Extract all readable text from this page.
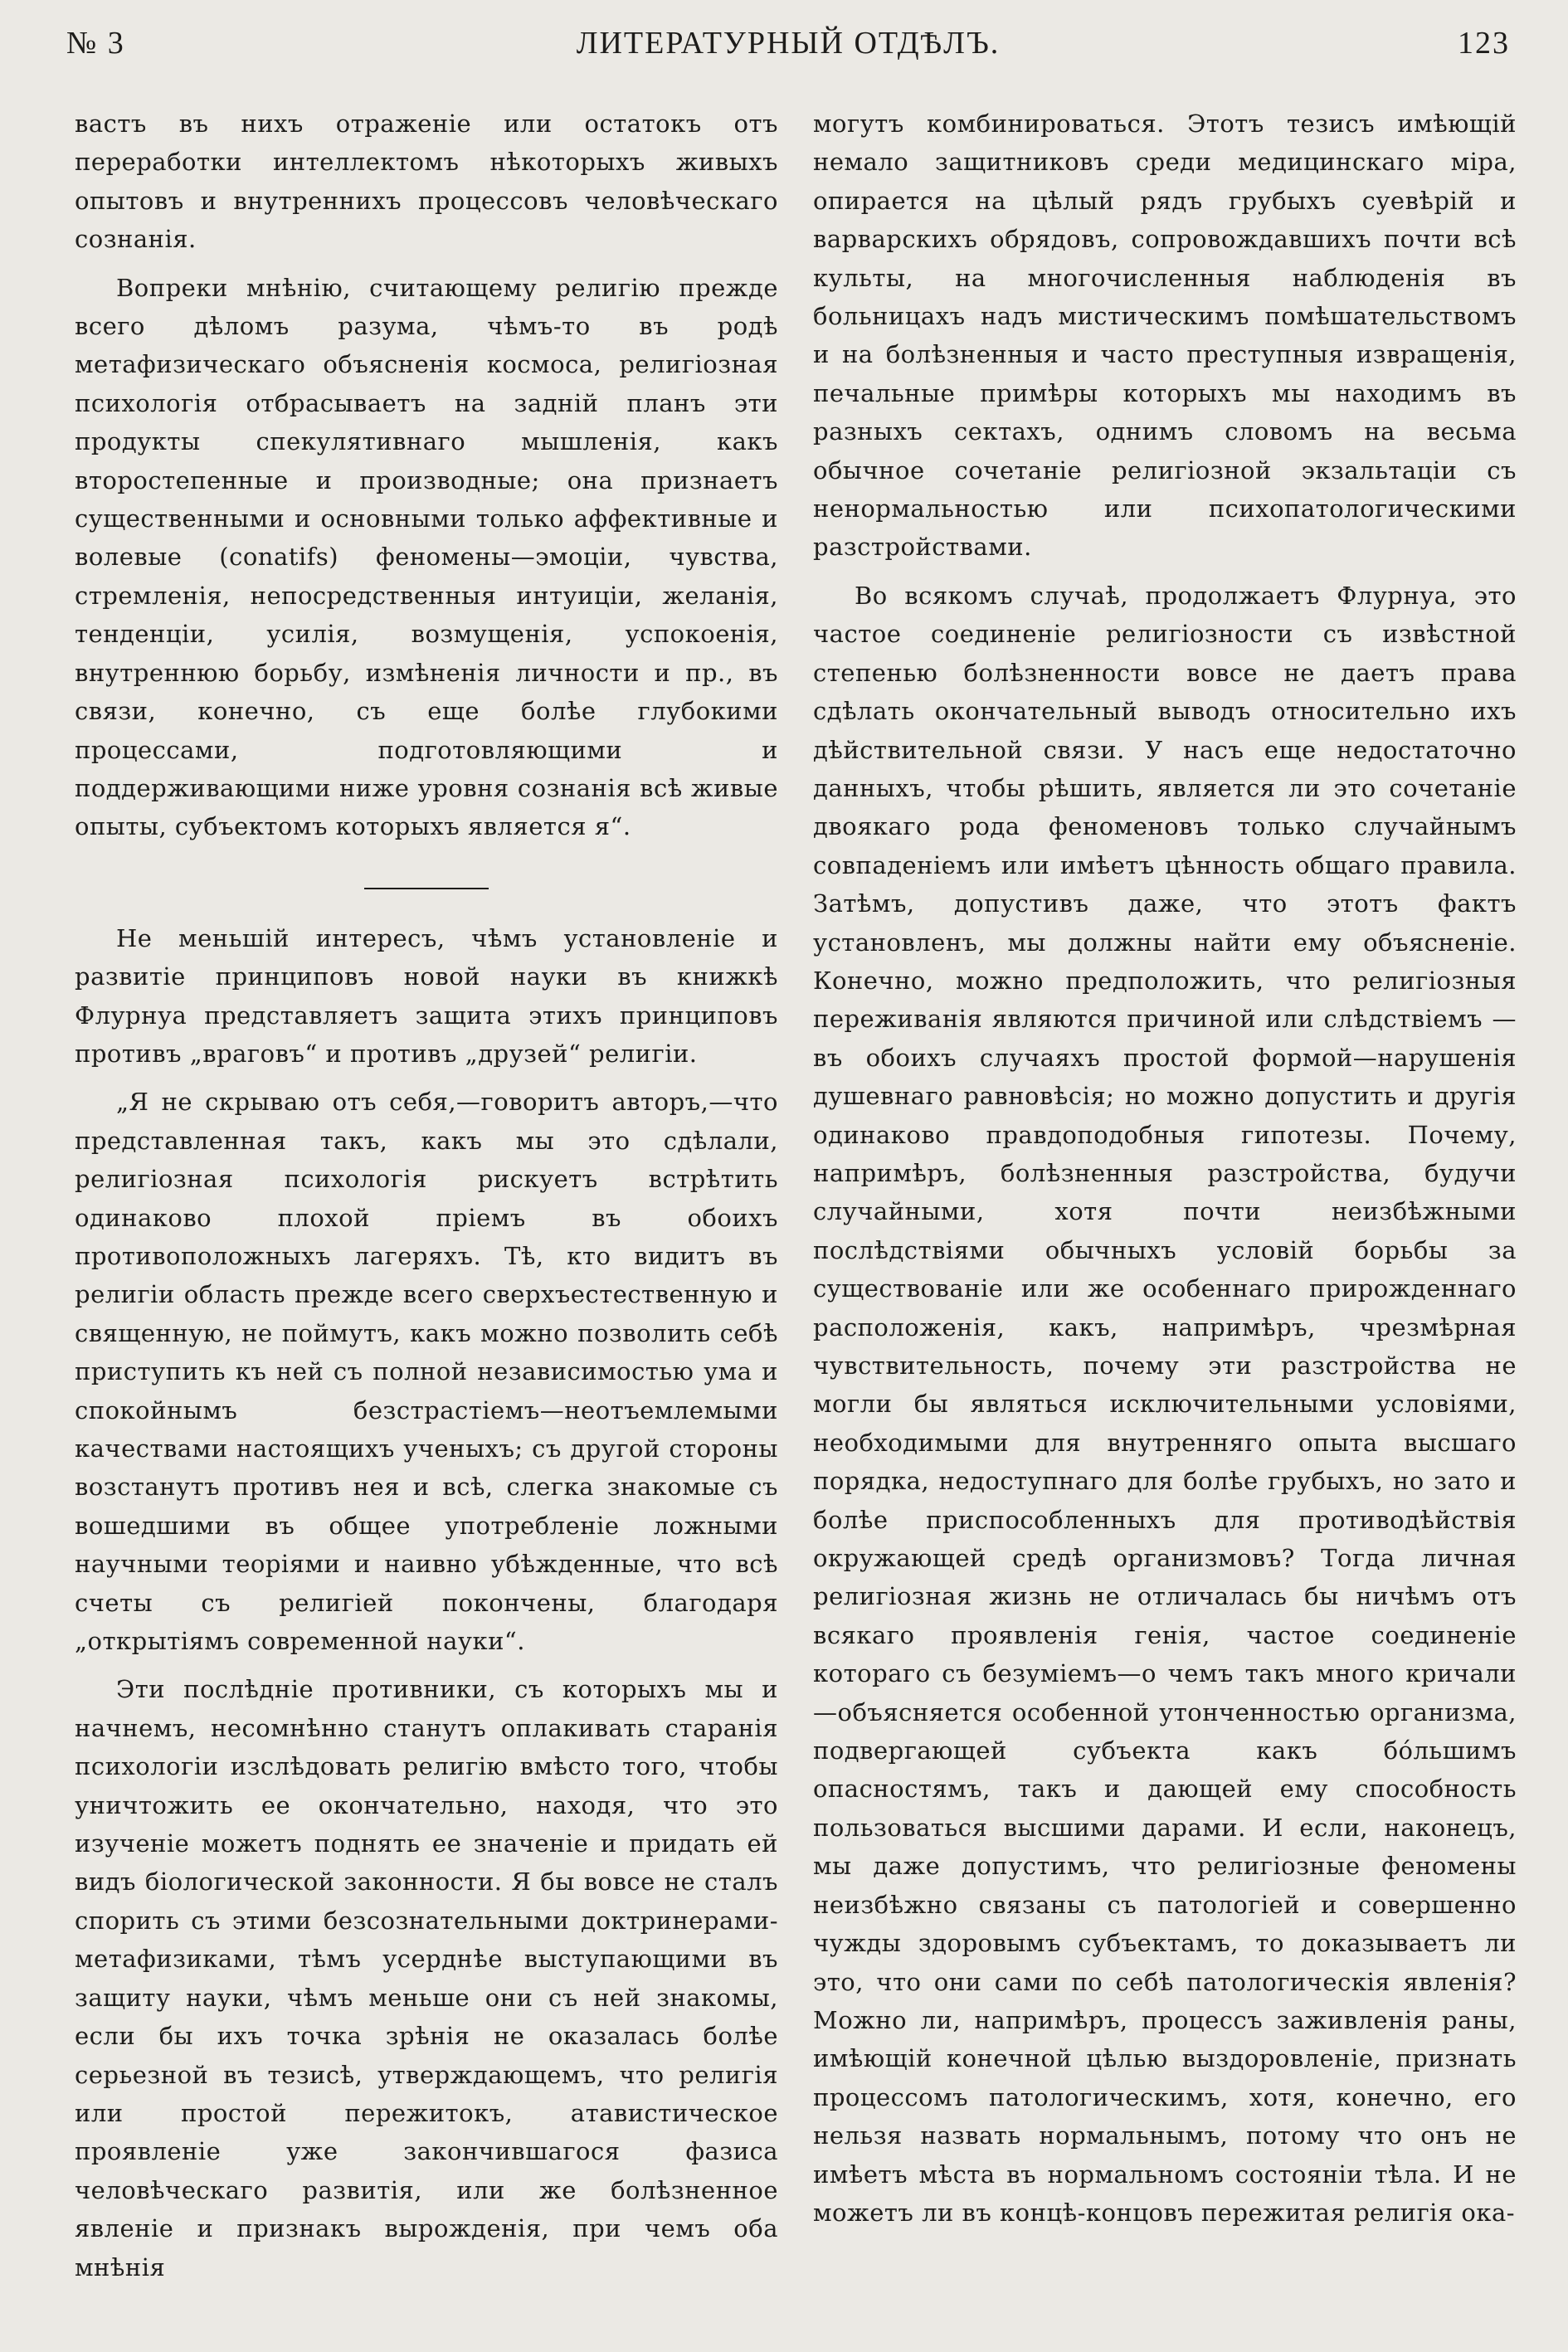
№ 3	ЛИТЕРАТУРНЫЙ ОТДѢЛЪ.	123

вастъ въ нихъ отраженіе или остатокъ отъ переработки интеллектомъ нѣкоторыхъ живыхъ опытовъ и внутреннихъ процессовъ человѣческаго сознанія.

Вопреки мнѣнію, считающему религію прежде всего дѣломъ разума, чѣмъ-то въ родѣ метафизическаго объясненія космоса, религіозная психологія отбрасываетъ на задній планъ эти продукты спекулятивнаго мышленія, какъ второстепенные и производные; она признаетъ существенными и основными только аффективные и волевые (conatifs) феномены—эмоціи, чувства, стремленія, непосредственныя интуиціи, желанія, тенденціи, усилія, возмущенія, успокоенія, внутреннюю борьбу, измѣненія личности и пр., въ связи, конечно, съ еще болѣе глубокими процессами, подготовляющими и поддерживающими ниже уровня сознанія всѣ живые опыты, субъектомъ которыхъ является я“.

Не меньшій интересъ, чѣмъ установленіе и развитіе принциповъ новой науки въ книжкѣ Флурнуа представляетъ защита этихъ принциповъ противъ „враговъ“ и противъ „друзей“ религіи.

„Я не скрываю отъ себя,—говоритъ авторъ,—что представленная такъ, какъ мы это сдѣлали, религіозная психологія рискуетъ встрѣтить одинаково плохой пріемъ въ обоихъ противоположныхъ лагеряхъ. Тѣ, кто видитъ въ религіи область прежде всего сверхъестественную и священную, не поймутъ, какъ можно позволить себѣ приступить къ ней съ полной независимостью ума и спокойнымъ безстрастіемъ—неотъемлемыми качествами настоящихъ ученыхъ; съ другой стороны возстанутъ противъ нея и всѣ, слегка знакомые съ вошедшими въ общее употребленіе ложными научными теоріями и наивно убѣжденные, что всѣ счеты съ религіей покончены, благодаря „открытіямъ современной науки“.

Эти послѣдніе противники, съ которыхъ мы и начнемъ, несомнѣнно станутъ оплакивать старанія психологіи изслѣдовать религію вмѣсто того, чтобы уничтожить ее окончательно, находя, что это изученіе можетъ поднять ее значеніе и придать ей видъ біологической законности. Я бы вовсе не сталъ спорить съ этими безсознательными доктринерами-метафизиками, тѣмъ усерднѣе выступающими въ защиту науки, чѣмъ меньше они съ ней знакомы, если бы ихъ точка зрѣнія не оказалась болѣе серьезной въ тезисѣ, утверждающемъ, что религія или простой пережитокъ, атавистическое проявленіе уже закончившагося фазиса человѣческаго развитія, или же болѣзненное явленіе и признакъ вырожденія, при чемъ оба мнѣнія

могутъ комбинироваться. Этотъ тезисъ имѣющій немало защитниковъ среди медицинскаго міра, опирается на цѣлый рядъ грубыхъ суевѣрій и варварскихъ обрядовъ, сопровождавшихъ почти всѣ культы, на многочисленныя наблюденія въ больницахъ надъ мистическимъ помѣшательствомъ и на болѣзненныя и часто преступныя извращенія, печальные примѣры которыхъ мы находимъ въ разныхъ сектахъ, однимъ словомъ на весьма обычное сочетаніе религіозной экзальтаціи съ ненормальностью или психопатологическими разстройствами.

Во всякомъ случаѣ, продолжаетъ Флурнуа, это частое соединеніе религіозности съ извѣстной степенью болѣзненности вовсе не даетъ права сдѣлать окончательный выводъ относительно ихъ дѣйствительной связи. У насъ еще недостаточно данныхъ, чтобы рѣшить, является ли это сочетаніе двоякаго рода феноменовъ только случайнымъ совпаденіемъ или имѣетъ цѣнность общаго правила. Затѣмъ, допустивъ даже, что этотъ фактъ установленъ, мы должны найти ему объясненіе. Конечно, можно предположить, что религіозныя переживанія являются причиной или слѣдствіемъ — въ обоихъ случаяхъ простой формой—нарушенія душевнаго равновѣсія; но можно допустить и другія одинаково правдоподобныя гипотезы. Почему, напримѣръ, болѣзненныя разстройства, будучи случайными, хотя почти неизбѣжными послѣдствіями обычныхъ условій борьбы за существованіе или же особеннаго прирожденнаго расположенія, какъ, напримѣръ, чрезмѣрная чувствительность, почему эти разстройства не могли бы являться исключительными условіями, необходимыми для внутренняго опыта высшаго порядка, недоступнаго для болѣе грубыхъ, но зато и болѣе приспособленныхъ для противодѣйствія окружающей средѣ организмовъ? Тогда личная религіозная жизнь не отличалась бы ничѣмъ отъ всякаго проявленія генія, частое соединеніе котораго съ безуміемъ—о чемъ такъ много кричали—объясняется особенной утонченностью организма, подвергающей субъекта какъ бо́льшимъ опасностямъ, такъ и дающей ему способность пользоваться высшими дарами. И если, наконецъ, мы даже допустимъ, что религіозные феномены неизбѣжно связаны съ патологіей и совершенно чужды здоровымъ субъектамъ, то доказываетъ ли это, что они сами по себѣ патологическія явленія? Можно ли, напримѣръ, процессъ заживленія раны, имѣющій конечной цѣлью выздоровленіе, признать процессомъ патологическимъ, хотя, конечно, его нельзя назвать нормальнымъ, потому что онъ не имѣетъ мѣста въ нормальномъ состояніи тѣла. И не можетъ ли въ концѣ-концовъ пережитая религія ока-
